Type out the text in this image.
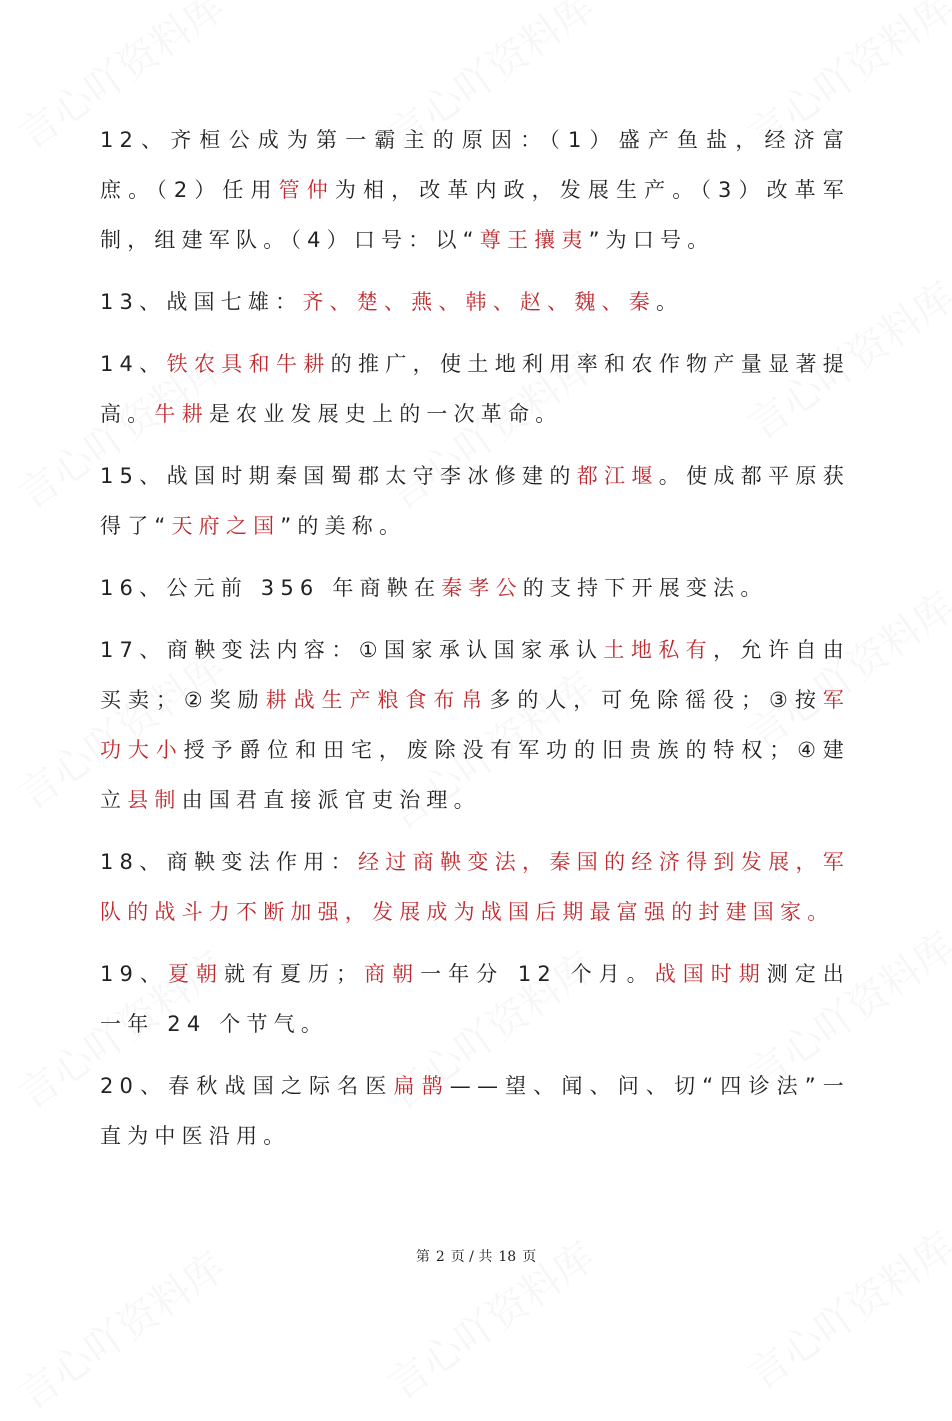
12、齐桓公成为第一霸主的原因：（1）盛产鱼盐，经济富庶。（2）任用管仲为相，改革内政，发展生产。（3）改革军制，组建军队。（4）口号：以“尊王攘夷”为口号。

13、战国七雄：齐、楚、燕、韩、赵、魏、秦。

14、铁农具和牛耕的推广，使土地利用率和农作物产量显著提高。牛耕是农业发展史上的一次革命。

15、战国时期秦国蜀郡太守李冰修建的都江堰。使成都平原获得了“天府之国”的美称。

16、公元前 356 年商鞅在秦孝公的支持下开展变法。

17、商鞅变法内容：①国家承认国家承认土地私有，允许自由买卖；②奖励耕战生产粮食布帛多的人，可免除徭役；③按军功大小授予爵位和田宅，废除没有军功的旧贵族的特权；④建立县制由国君直接派官吏治理。

18、商鞅变法作用：经过商鞅变法，秦国的经济得到发展，军队的战斗力不断加强，发展成为战国后期最富强的封建国家。

19、夏朝就有夏历；商朝一年分 12 个月。战国时期测定出一年 24 个节气。

20、春秋战国之际名医扁鹊——望、闻、问、切“四诊法”一直为中医沿用。

第 2 页 / 共 18 页
